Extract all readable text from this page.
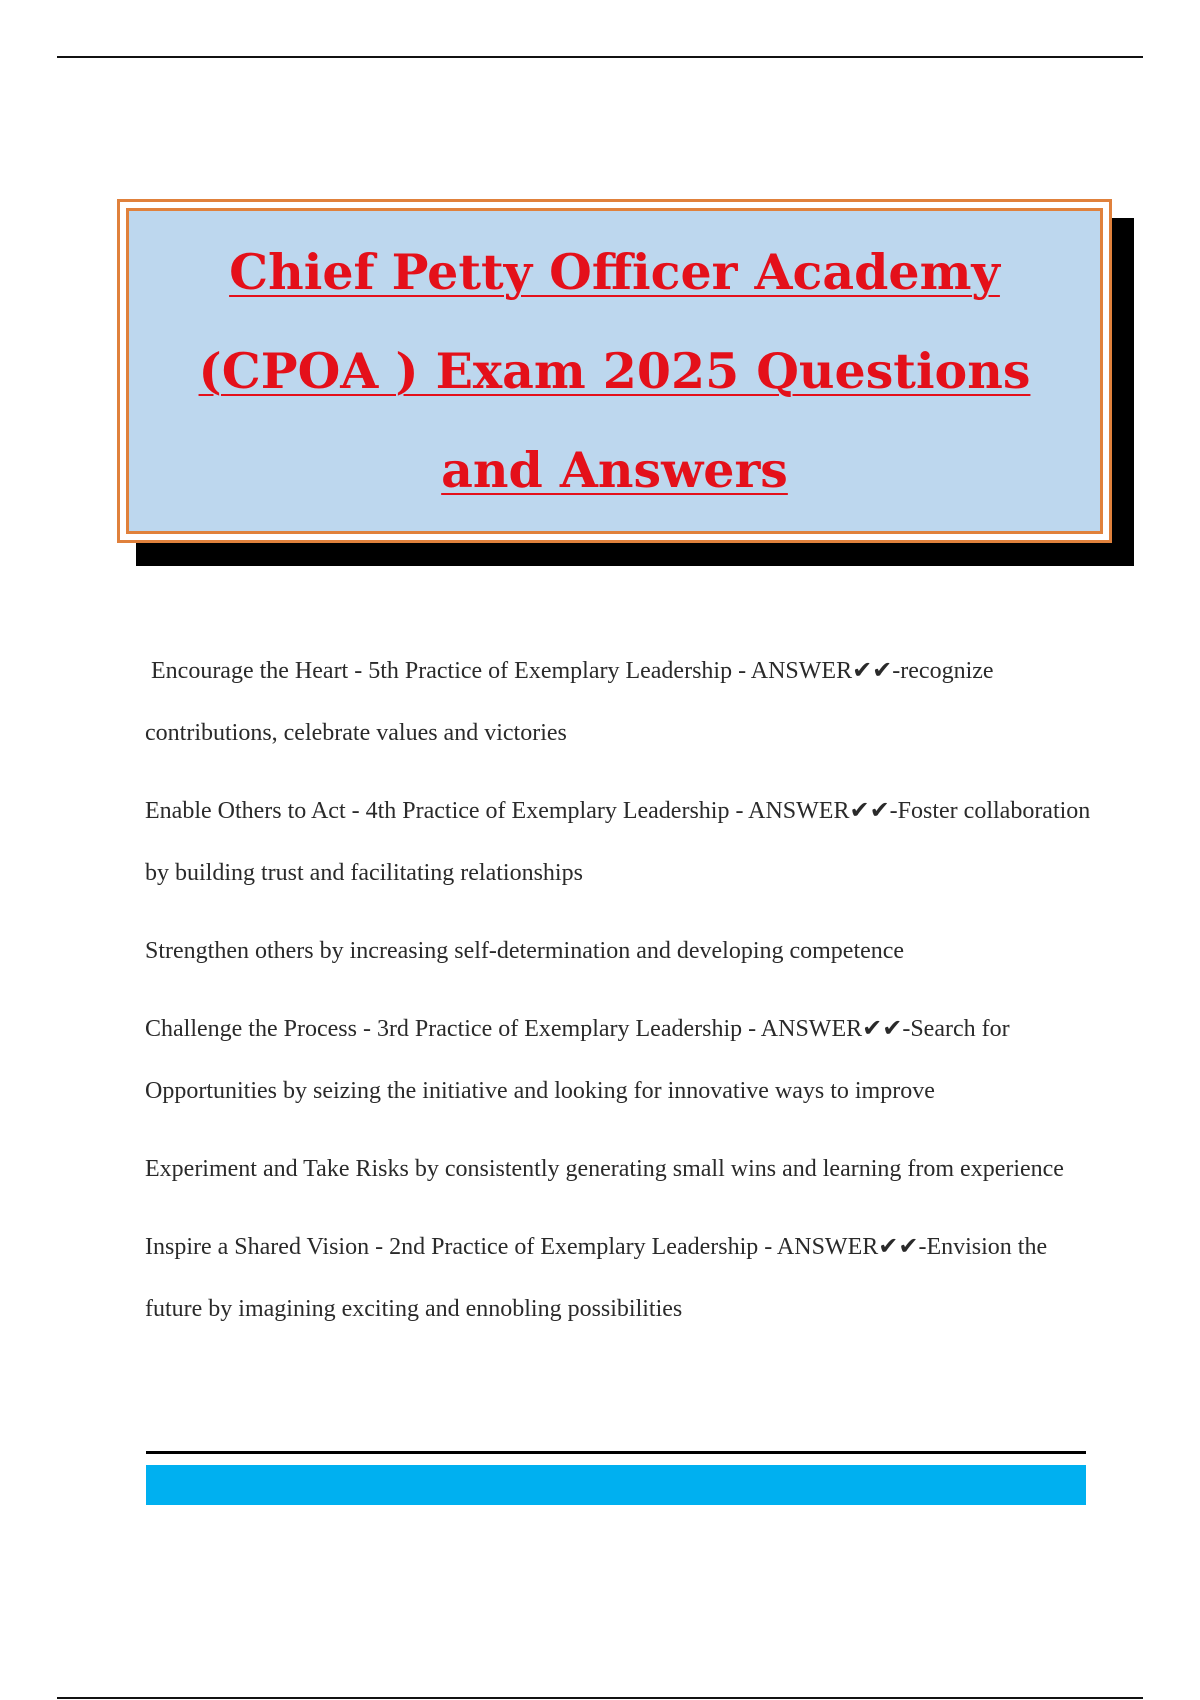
Chief Petty Officer Academy (CPOA ) Exam 2025 Questions and Answers

Encourage the Heart - 5th Practice of Exemplary Leadership - ANSWER✔✔-recognize contributions, celebrate values and victories

Enable Others to Act - 4th Practice of Exemplary Leadership - ANSWER✔✔-Foster collaboration by building trust and facilitating relationships

Strengthen others by increasing self-determination and developing competence

Challenge the Process - 3rd Practice of Exemplary Leadership - ANSWER✔✔-Search for Opportunities by seizing the initiative and looking for innovative ways to improve

Experiment and Take Risks by consistently generating small wins and learning from experience

Inspire a Shared Vision - 2nd Practice of Exemplary Leadership - ANSWER✔✔-Envision the future by imagining exciting and ennobling possibilities
